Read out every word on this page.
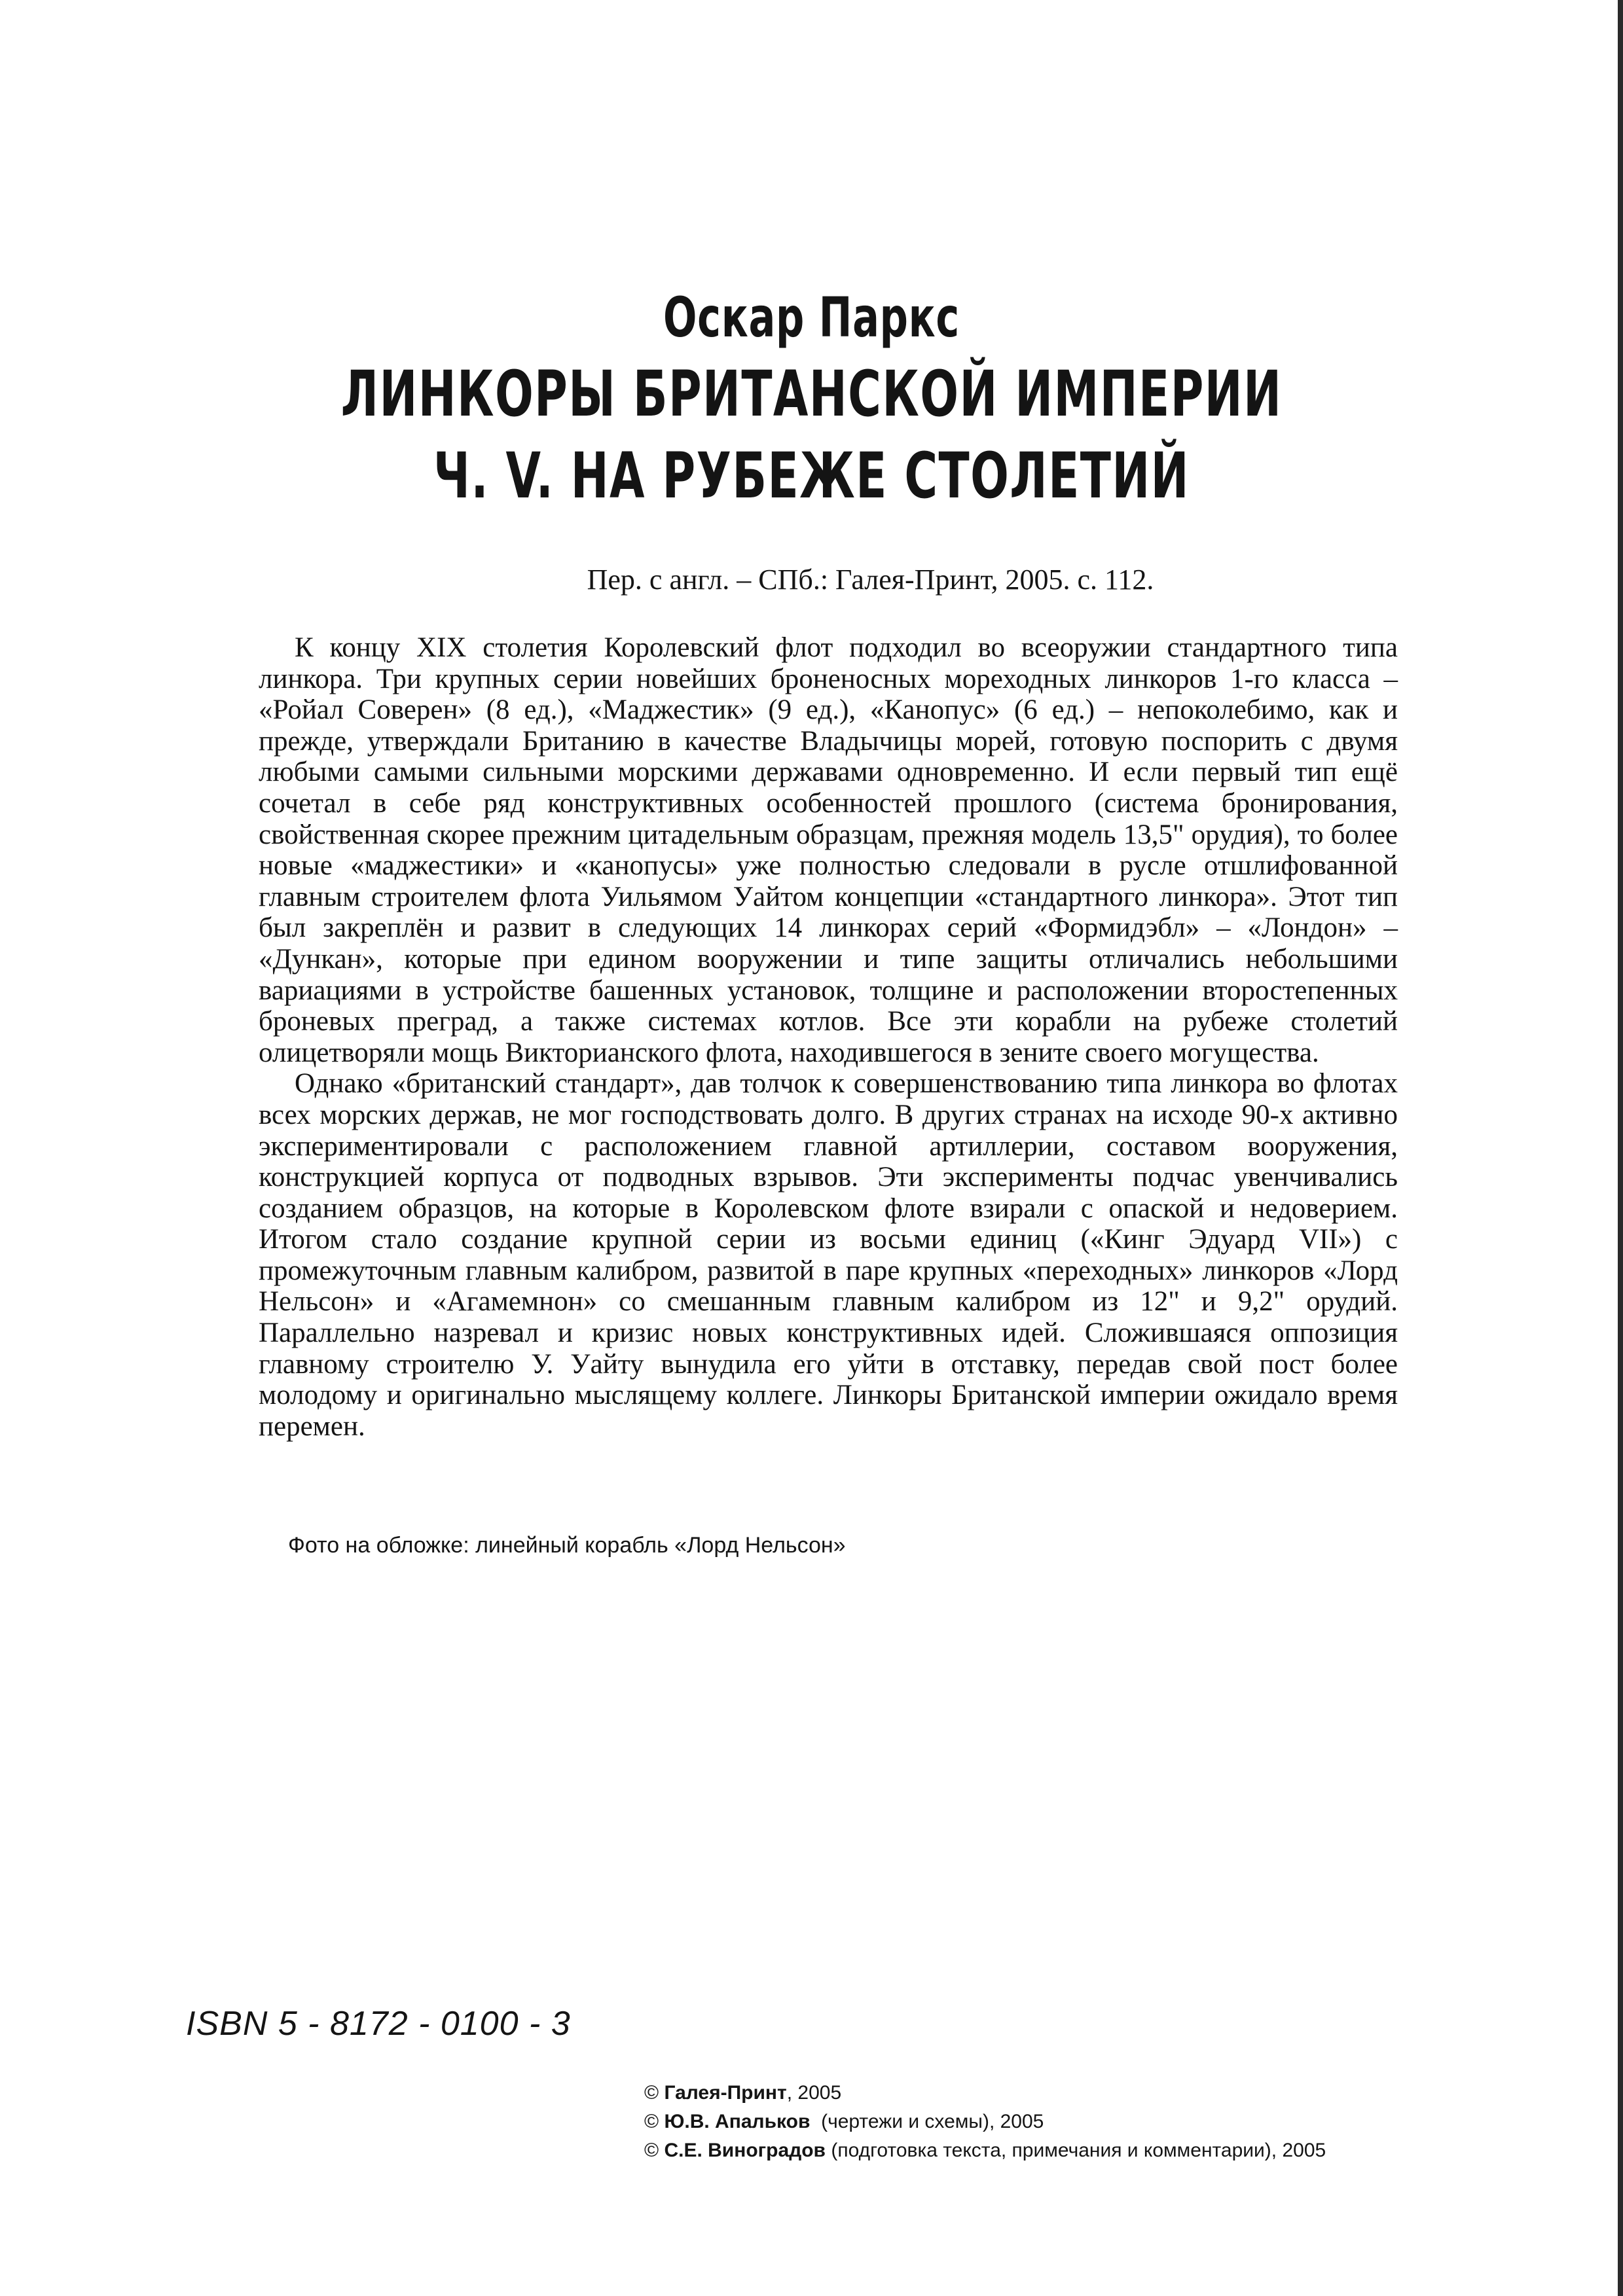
Оскар Паркс
ЛИНКОРЫ БРИТАНСКОЙ ИМПЕРИИ
Ч. V. НА РУБЕЖЕ СТОЛЕТИЙ
Пер. с англ. – СПб.: Галея-Принт, 2005. с. 112.

К концу XIX столетия Королевский флот подходил во всеоружии стандартного типа линкора. Три крупных серии новейших броненосных мореходных линкоров 1-го класса – «Ройал Соверен» (8 ед.), «Маджестик» (9 ед.), «Канопус» (6 ед.) – непоколебимо, как и прежде, утверждали Британию в качестве Владычицы морей, готовую поспорить с двумя любыми самыми сильными морскими державами одновременно. И если первый тип ещё сочетал в себе ряд конструктивных особенностей прошлого (система бронирования, свойственная скорее прежним цитадельным образцам, прежняя модель 13,5" орудия), то более новые «маджестики» и «канопусы» уже полностью следовали в русле отшлифованной главным строителем флота Уильямом Уайтом концепции «стандартного линкора». Этот тип был закреплён и развит в следующих 14 линкорах серий «Формидэбл» – «Лондон» – «Дункан», которые при едином вооружении и типе защиты отличались небольшими вариациями в устройстве башенных установок, толщине и расположении второстепенных броневых преград, а также системах котлов. Все эти корабли на рубеже столетий олицетворяли мощь Викторианского флота, находившегося в зените своего могущества.

Однако «британский стандарт», дав толчок к совершенствованию типа линкора во флотах всех морских держав, не мог господствовать долго. В других странах на исходе 90-х активно экспериментировали с расположением главной артиллерии, составом вооружения, конструкцией корпуса от подводных взрывов. Эти эксперименты подчас увенчивались созданием образцов, на которые в Королевском флоте взирали с опаской и недоверием. Итогом стало создание крупной серии из восьми единиц («Кинг Эдуард VII») с промежуточным главным калибром, развитой в паре крупных «переходных» линкоров «Лорд Нельсон» и «Агамемнон» со смешанным главным калибром из 12" и 9,2" орудий. Параллельно назревал и кризис новых конструктивных идей. Сложившаяся оппозиция главному строителю У. Уайту вынудила его уйти в отставку, передав свой пост более молодому и оригинально мыслящему коллеге. Линкоры Британской империи ожидало время перемен.

Фото на обложке: линейный корабль «Лорд Нельсон»
ISBN 5 - 8172 - 0100 - 3
© Галея-Принт, 2005
© Ю.В. Апальков  (чертежи и схемы), 2005
© С.Е. Виноградов (подготовка текста, примечания и комментарии), 2005
